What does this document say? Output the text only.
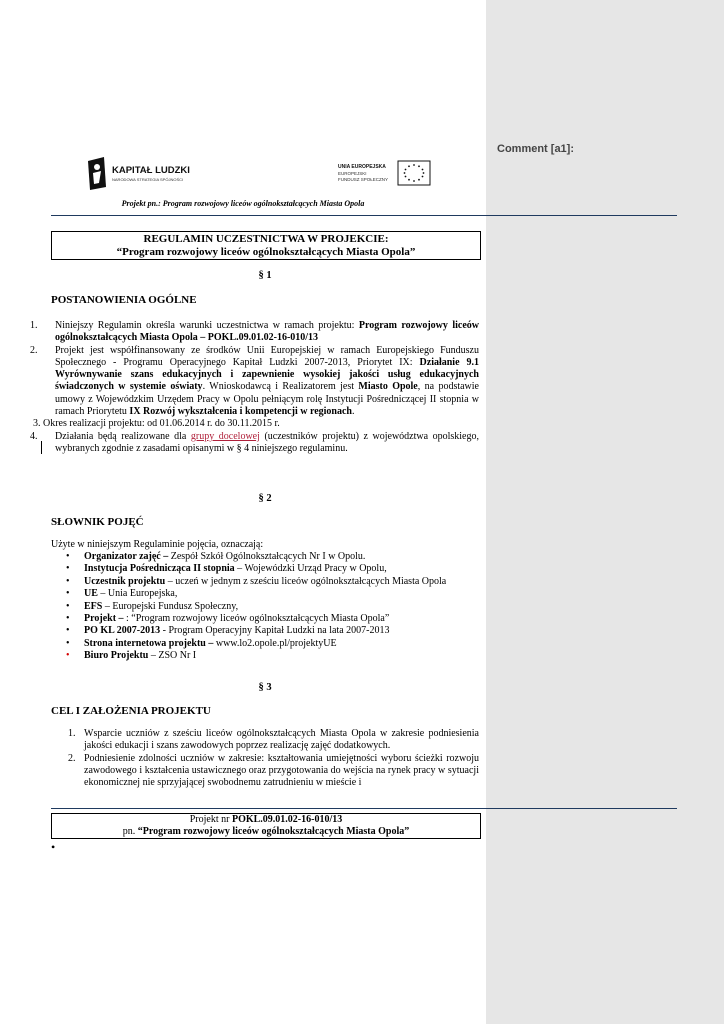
Comment [a1]:
KAPITAŁ LUDZKI
NARODOWA STRATEGIA SPÓJNOŚCI
UNIA EUROPEJSKA
EUROPEJSKI
FUNDUSZ SPOŁECZNY
Projekt pn.: Program rozwojowy liceów ogólnokształcących Miasta Opola
REGULAMIN UCZESTNICTWA W PROJEKCIE:
“Program rozwojowy liceów ogólnokształcących Miasta Opola”
§ 1
POSTANOWIENIA OGÓLNE
1. Niniejszy Regulamin określa warunki uczestnictwa w ramach projektu: Program rozwojowy liceów ogólnokształcących Miasta Opola – POKL.09.01.02-16-010/13
2. Projekt jest współfinansowany ze środków Unii Europejskiej w ramach Europejskiego Funduszu Społecznego - Programu Operacyjnego Kapitał Ludzki 2007-2013, Priorytet IX: Działanie 9.1 Wyrównywanie szans edukacyjnych i zapewnienie wysokiej jakości usług edukacyjnych świadczonych w systemie oświaty. Wnioskodawcą i Realizatorem jest Miasto Opole, na podstawie umowy z Wojewódzkim Urzędem Pracy w Opolu pełniącym rolę Instytucji Pośredniczącej II stopnia w ramach Priorytetu IX Rozwój wykształcenia i kompetencji w regionach.
3. Okres realizacji projektu: od 01.06.2014 r. do 30.11.2015 r.
4. Działania będą realizowane dla grupy docelowej (uczestników projektu) z województwa opolskiego, wybranych zgodnie z zasadami opisanymi w § 4 niniejszego regulaminu.
§ 2
SŁOWNIK POJĘĆ
Użyte w niniejszym Regulaminie pojęcia, oznaczają:
• Organizator zajęć – Zespół Szkół Ogólnokształcących Nr I w Opolu.
• Instytucja Pośrednicząca II stopnia – Wojewódzki Urząd Pracy w Opolu,
• Uczestnik projektu – uczeń w jednym z sześciu liceów ogólnokształcących Miasta Opola
• UE – Unia Europejska,
• EFS – Europejski Fundusz Społeczny,
• Projekt – : “Program rozwojowy liceów ogólnokształcących Miasta Opola”
• PO KL 2007-2013 - Program Operacyjny Kapitał Ludzki na lata 2007-2013
• Strona internetowa projektu – www.lo2.opole.pl/projektyUE
• Biuro Projektu – ZSO Nr I
§ 3
CEL I ZAŁOŻENIA PROJEKTU
1. Wsparcie uczniów z sześciu liceów ogólnokształcących Miasta Opola w zakresie podniesienia jakości edukacji i szans zawodowych poprzez realizację zajęć dodatkowych.
2. Podniesienie zdolności uczniów w zakresie: kształtowania umiejętności wyboru ścieżki rozwoju zawodowego i kształcenia ustawicznego oraz przygotowania do wejścia na rynek pracy w sytuacji ekonomicznej nie sprzyjającej swobodnemu zatrudnieniu w mieście i
Projekt nr POKL.09.01.02-16-010/13
pn. “Program rozwojowy liceów ogólnokształcących Miasta Opola”
•
